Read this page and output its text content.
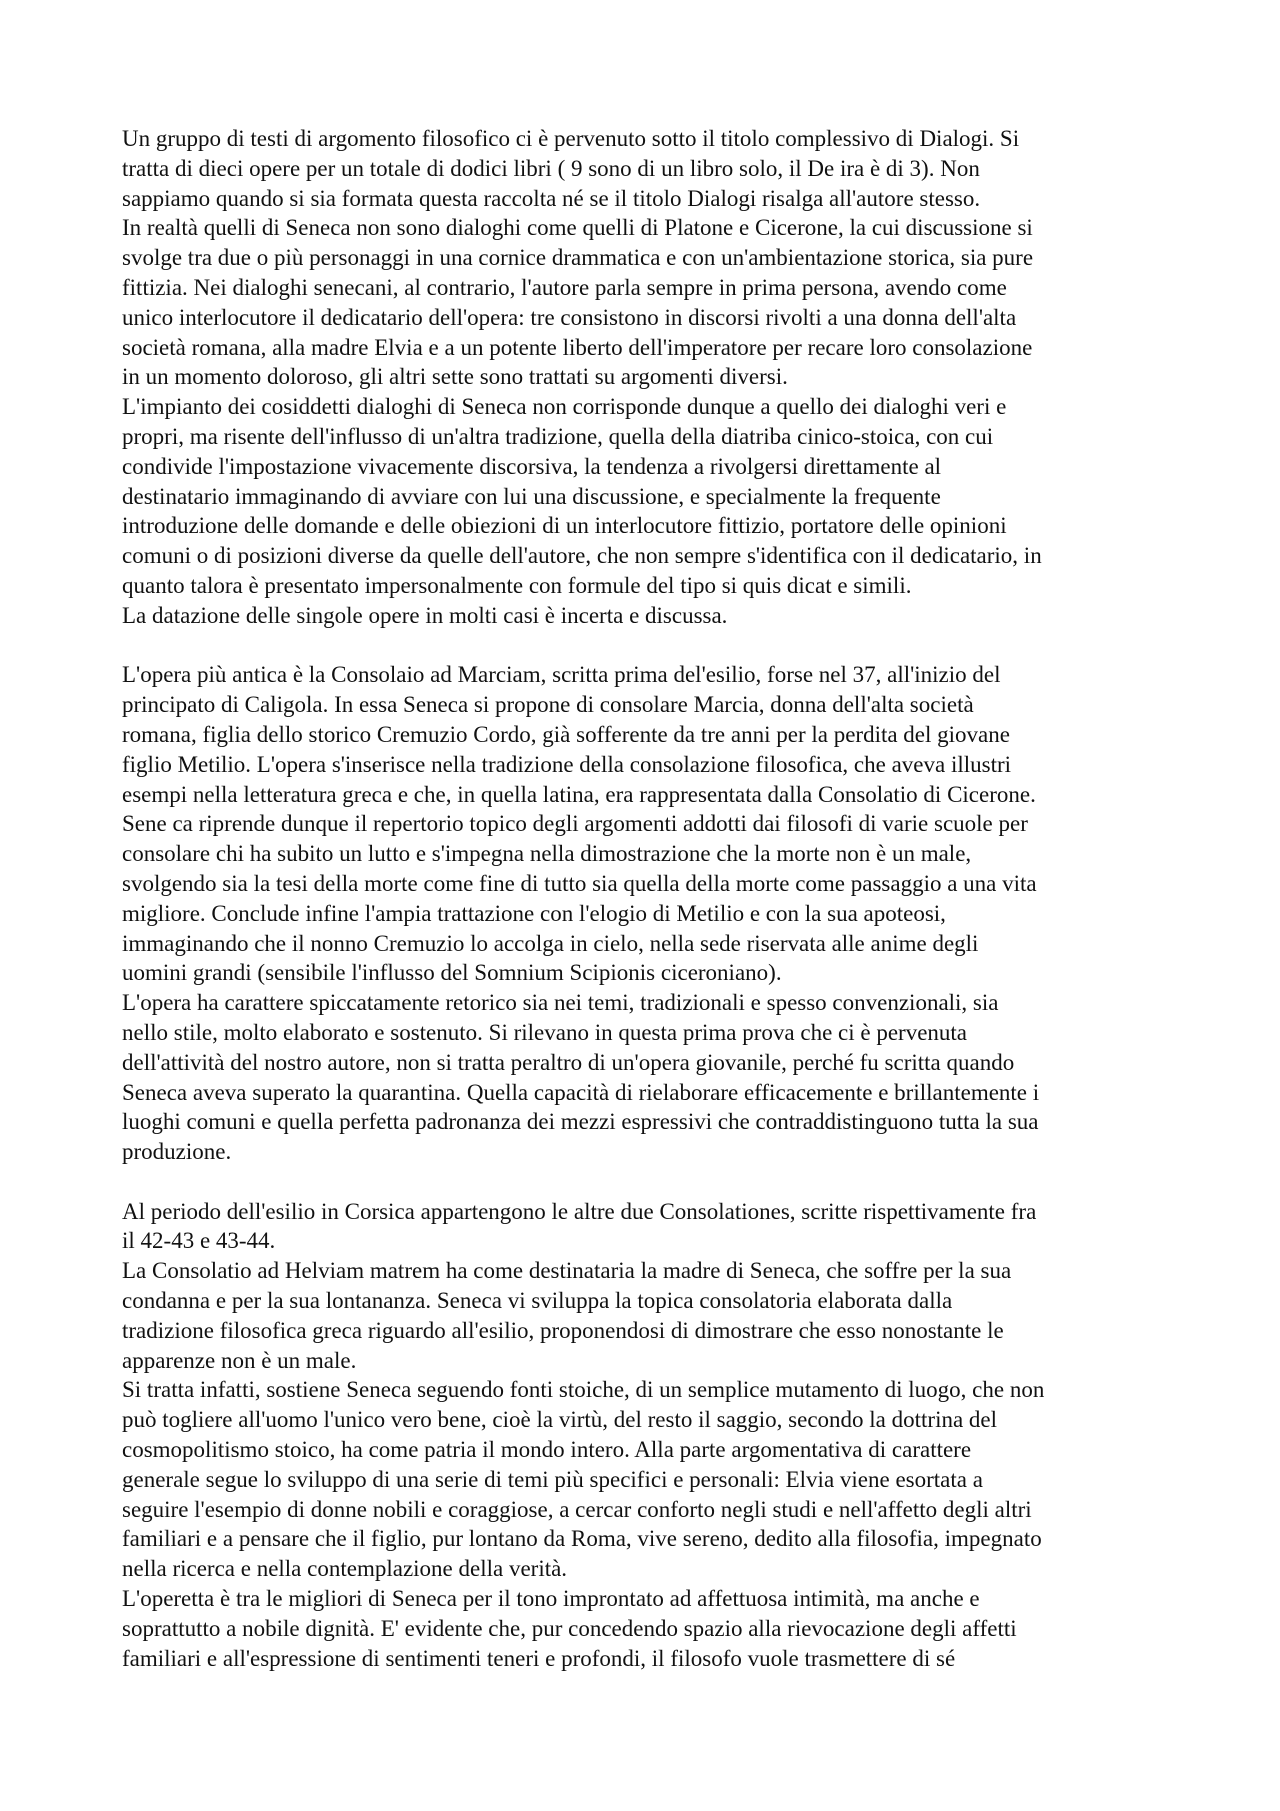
Un gruppo di testi di argomento filosofico ci è pervenuto sotto il titolo complessivo di Dialogi. Si
tratta di dieci opere per un totale di dodici libri ( 9 sono di un libro solo, il De ira è di 3). Non
sappiamo quando si sia formata questa raccolta né se il titolo Dialogi risalga all'autore stesso.
In realtà quelli di Seneca non sono dialoghi come quelli di Platone e Cicerone, la cui discussione si
svolge tra due o più personaggi in una cornice drammatica e con un'ambientazione storica, sia pure
fittizia. Nei dialoghi senecani, al contrario, l'autore parla sempre in prima persona, avendo come
unico interlocutore il dedicatario dell'opera: tre consistono in discorsi rivolti a una donna dell'alta
società romana, alla madre Elvia e a un potente liberto dell'imperatore per recare loro consolazione
in un momento doloroso, gli altri sette sono trattati su argomenti diversi.
L'impianto dei cosiddetti dialoghi di Seneca non corrisponde dunque a quello dei dialoghi veri e
propri, ma risente dell'influsso di un'altra tradizione, quella della diatriba cinico-stoica, con cui
condivide l'impostazione vivacemente discorsiva, la tendenza a rivolgersi direttamente al
destinatario immaginando di avviare con lui una discussione, e specialmente la frequente
introduzione delle domande e delle obiezioni di un interlocutore fittizio, portatore delle opinioni
comuni o di posizioni diverse da quelle dell'autore, che non sempre s'identifica con il dedicatario, in
quanto talora è presentato impersonalmente con formule del tipo si quis dicat e simili.
La datazione delle singole opere in molti casi è incerta e discussa.
L'opera più antica è la Consolaio ad Marciam, scritta prima del'esilio, forse nel 37, all'inizio del
principato di Caligola. In essa Seneca si propone di consolare Marcia, donna dell'alta società
romana, figlia dello storico Cremuzio Cordo, già sofferente da tre anni per la perdita del giovane
figlio Metilio. L'opera s'inserisce nella tradizione della consolazione filosofica, che aveva illustri
esempi nella letteratura greca e che, in quella latina, era rappresentata dalla Consolatio di Cicerone.
Sene ca riprende dunque il repertorio topico degli argomenti addotti dai filosofi di varie scuole per
consolare chi ha subito un lutto e s'impegna nella dimostrazione che la morte non è un male,
svolgendo sia la tesi della morte come fine di tutto sia quella della morte come passaggio a una vita
migliore. Conclude infine l'ampia trattazione con l'elogio di Metilio e con la sua apoteosi,
immaginando che il nonno Cremuzio lo accolga in cielo, nella sede riservata alle anime degli
uomini grandi (sensibile l'influsso del Somnium Scipionis ciceroniano).
L'opera ha carattere spiccatamente retorico sia nei temi, tradizionali e spesso convenzionali, sia
nello stile, molto elaborato e sostenuto. Si rilevano in questa prima prova che ci è pervenuta
dell'attività del nostro autore, non si tratta peraltro di un'opera giovanile, perché fu scritta quando
Seneca aveva superato la quarantina. Quella capacità di rielaborare efficacemente e brillantemente i
luoghi comuni e quella perfetta padronanza dei mezzi espressivi che contraddistinguono tutta la sua
produzione.
Al periodo dell'esilio in Corsica appartengono le altre due Consolationes, scritte rispettivamente fra
il 42-43 e 43-44.
La Consolatio ad Helviam matrem ha come destinataria la madre di Seneca, che soffre per la sua
condanna e per la sua lontananza. Seneca vi sviluppa la topica consolatoria elaborata dalla
tradizione filosofica greca riguardo all'esilio, proponendosi di dimostrare che esso nonostante le
apparenze non è un male.
Si tratta infatti, sostiene Seneca seguendo fonti stoiche, di un semplice mutamento di luogo, che non
può togliere all'uomo l'unico vero bene, cioè la virtù, del resto il saggio, secondo la dottrina del
cosmopolitismo stoico, ha come patria il mondo intero. Alla parte argomentativa di carattere
generale segue lo sviluppo di una serie di temi più specifici e personali: Elvia viene esortata a
seguire l'esempio di donne nobili e coraggiose, a cercar conforto negli studi e nell'affetto degli altri
familiari e a pensare che il figlio, pur lontano da Roma, vive sereno, dedito alla filosofia, impegnato
nella ricerca e nella contemplazione della verità.
L'operetta è tra le migliori di Seneca per il tono improntato ad affettuosa intimità, ma anche e
soprattutto a nobile dignità. E' evidente che, pur concedendo spazio alla rievocazione degli affetti
familiari e all'espressione di sentimenti teneri e profondi, il filosofo vuole trasmettere di sé
